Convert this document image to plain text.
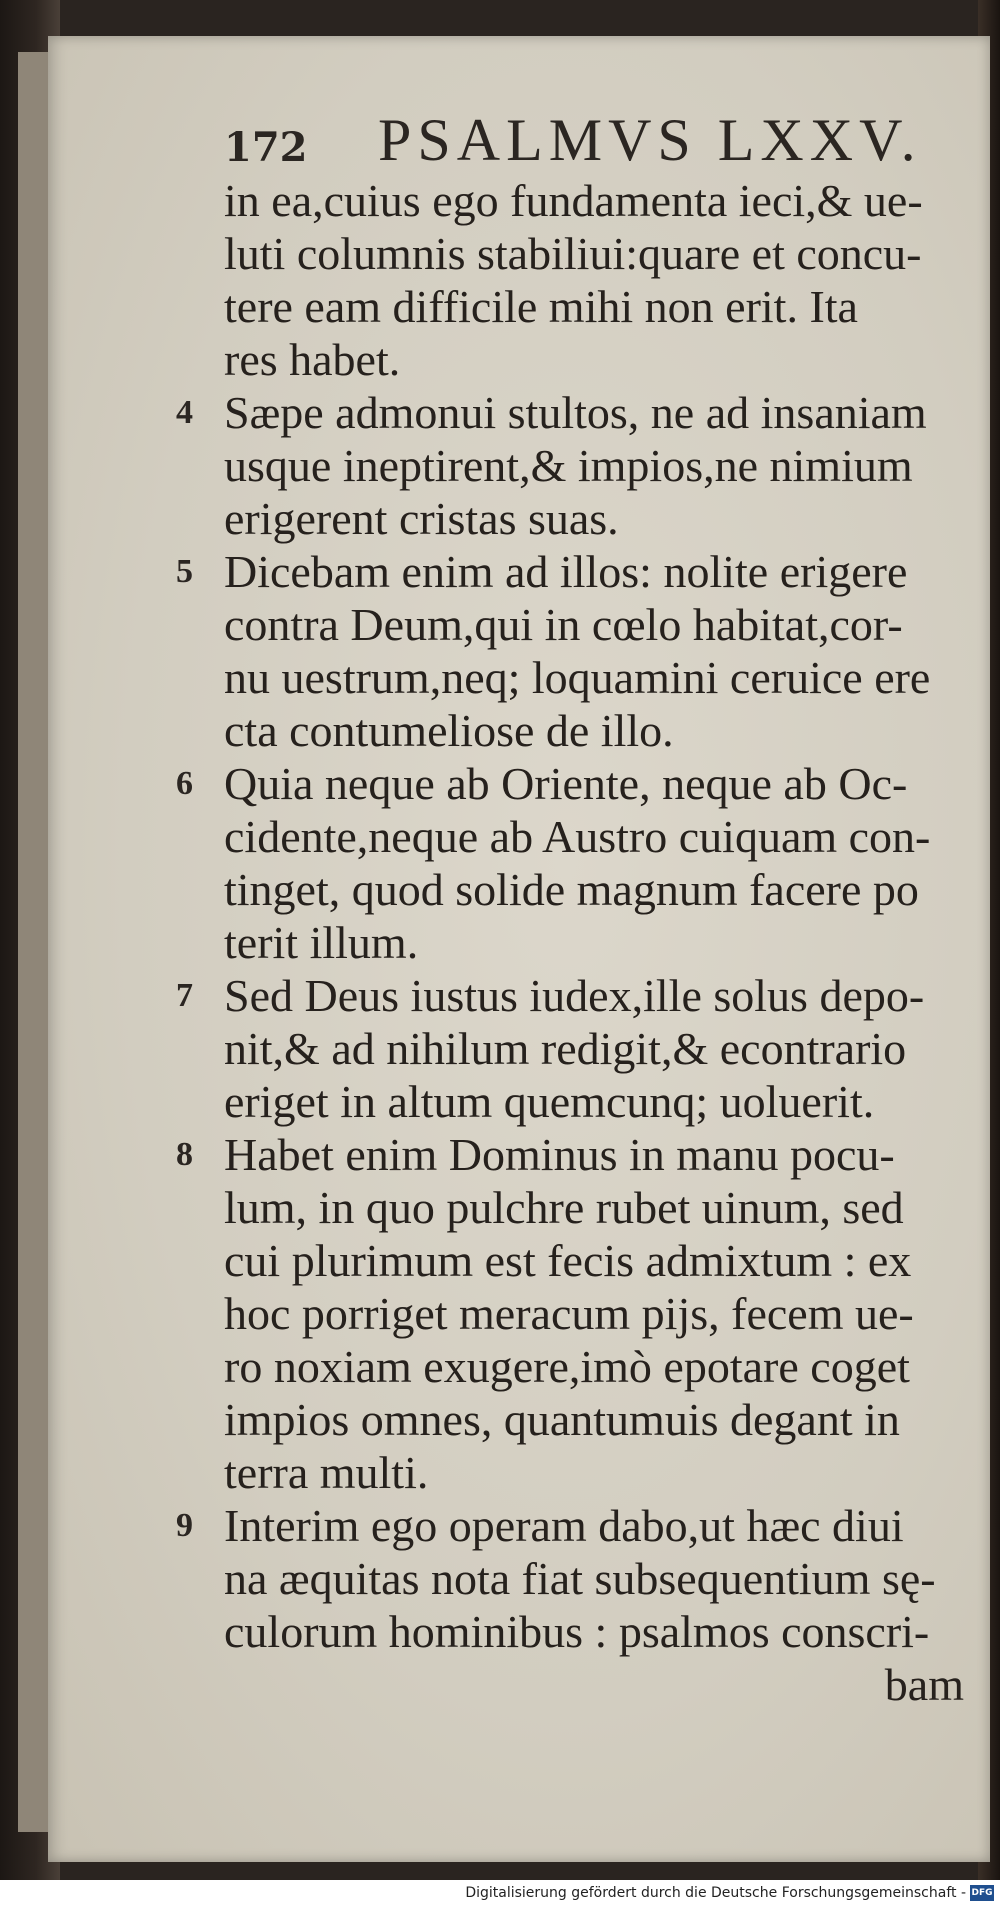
172 PSALMVS LXXV.
in ea,cuius ego fundamenta ieci,& ue-
luti columnis stabiliui:quare et concu-
tere eam difficile mihi non erit. Ita
res habet.
4 Sæpe admonui stultos, ne ad insaniam
usque ineptirent,& impios,ne nimium
erigerent cristas suas.
5 Dicebam enim ad illos: nolite erigere
contra Deum,qui in cœlo habitat,cor-
nu uestrum,neq; loquamini ceruice ere
cta contumeliose de illo.
6 Quia neque ab Oriente, neque ab Oc-
cidente,neque ab Austro cuiquam con-
tinget, quod solide magnum facere po
terit illum.
7 Sed Deus iustus iudex,ille solus depo-
nit,& ad nihilum redigit,& econtrario
eriget in altum quemcunq; uoluerit.
8 Habet enim Dominus in manu pocu-
lum, in quo pulchre rubet uinum, sed
cui plurimum est fecis admixtum : ex
hoc porriget meracum pijs, fecem ue-
ro noxiam exugere,imò epotare coget
impios omnes, quantumuis degant in
terra multi.
9 Interim ego operam dabo,ut hæc diui
na æquitas nota fiat subsequentium sę-
culorum hominibus : psalmos conscri-
bam
Digitalisierung gefördert durch die Deutsche Forschungsgemeinschaft - DFG
